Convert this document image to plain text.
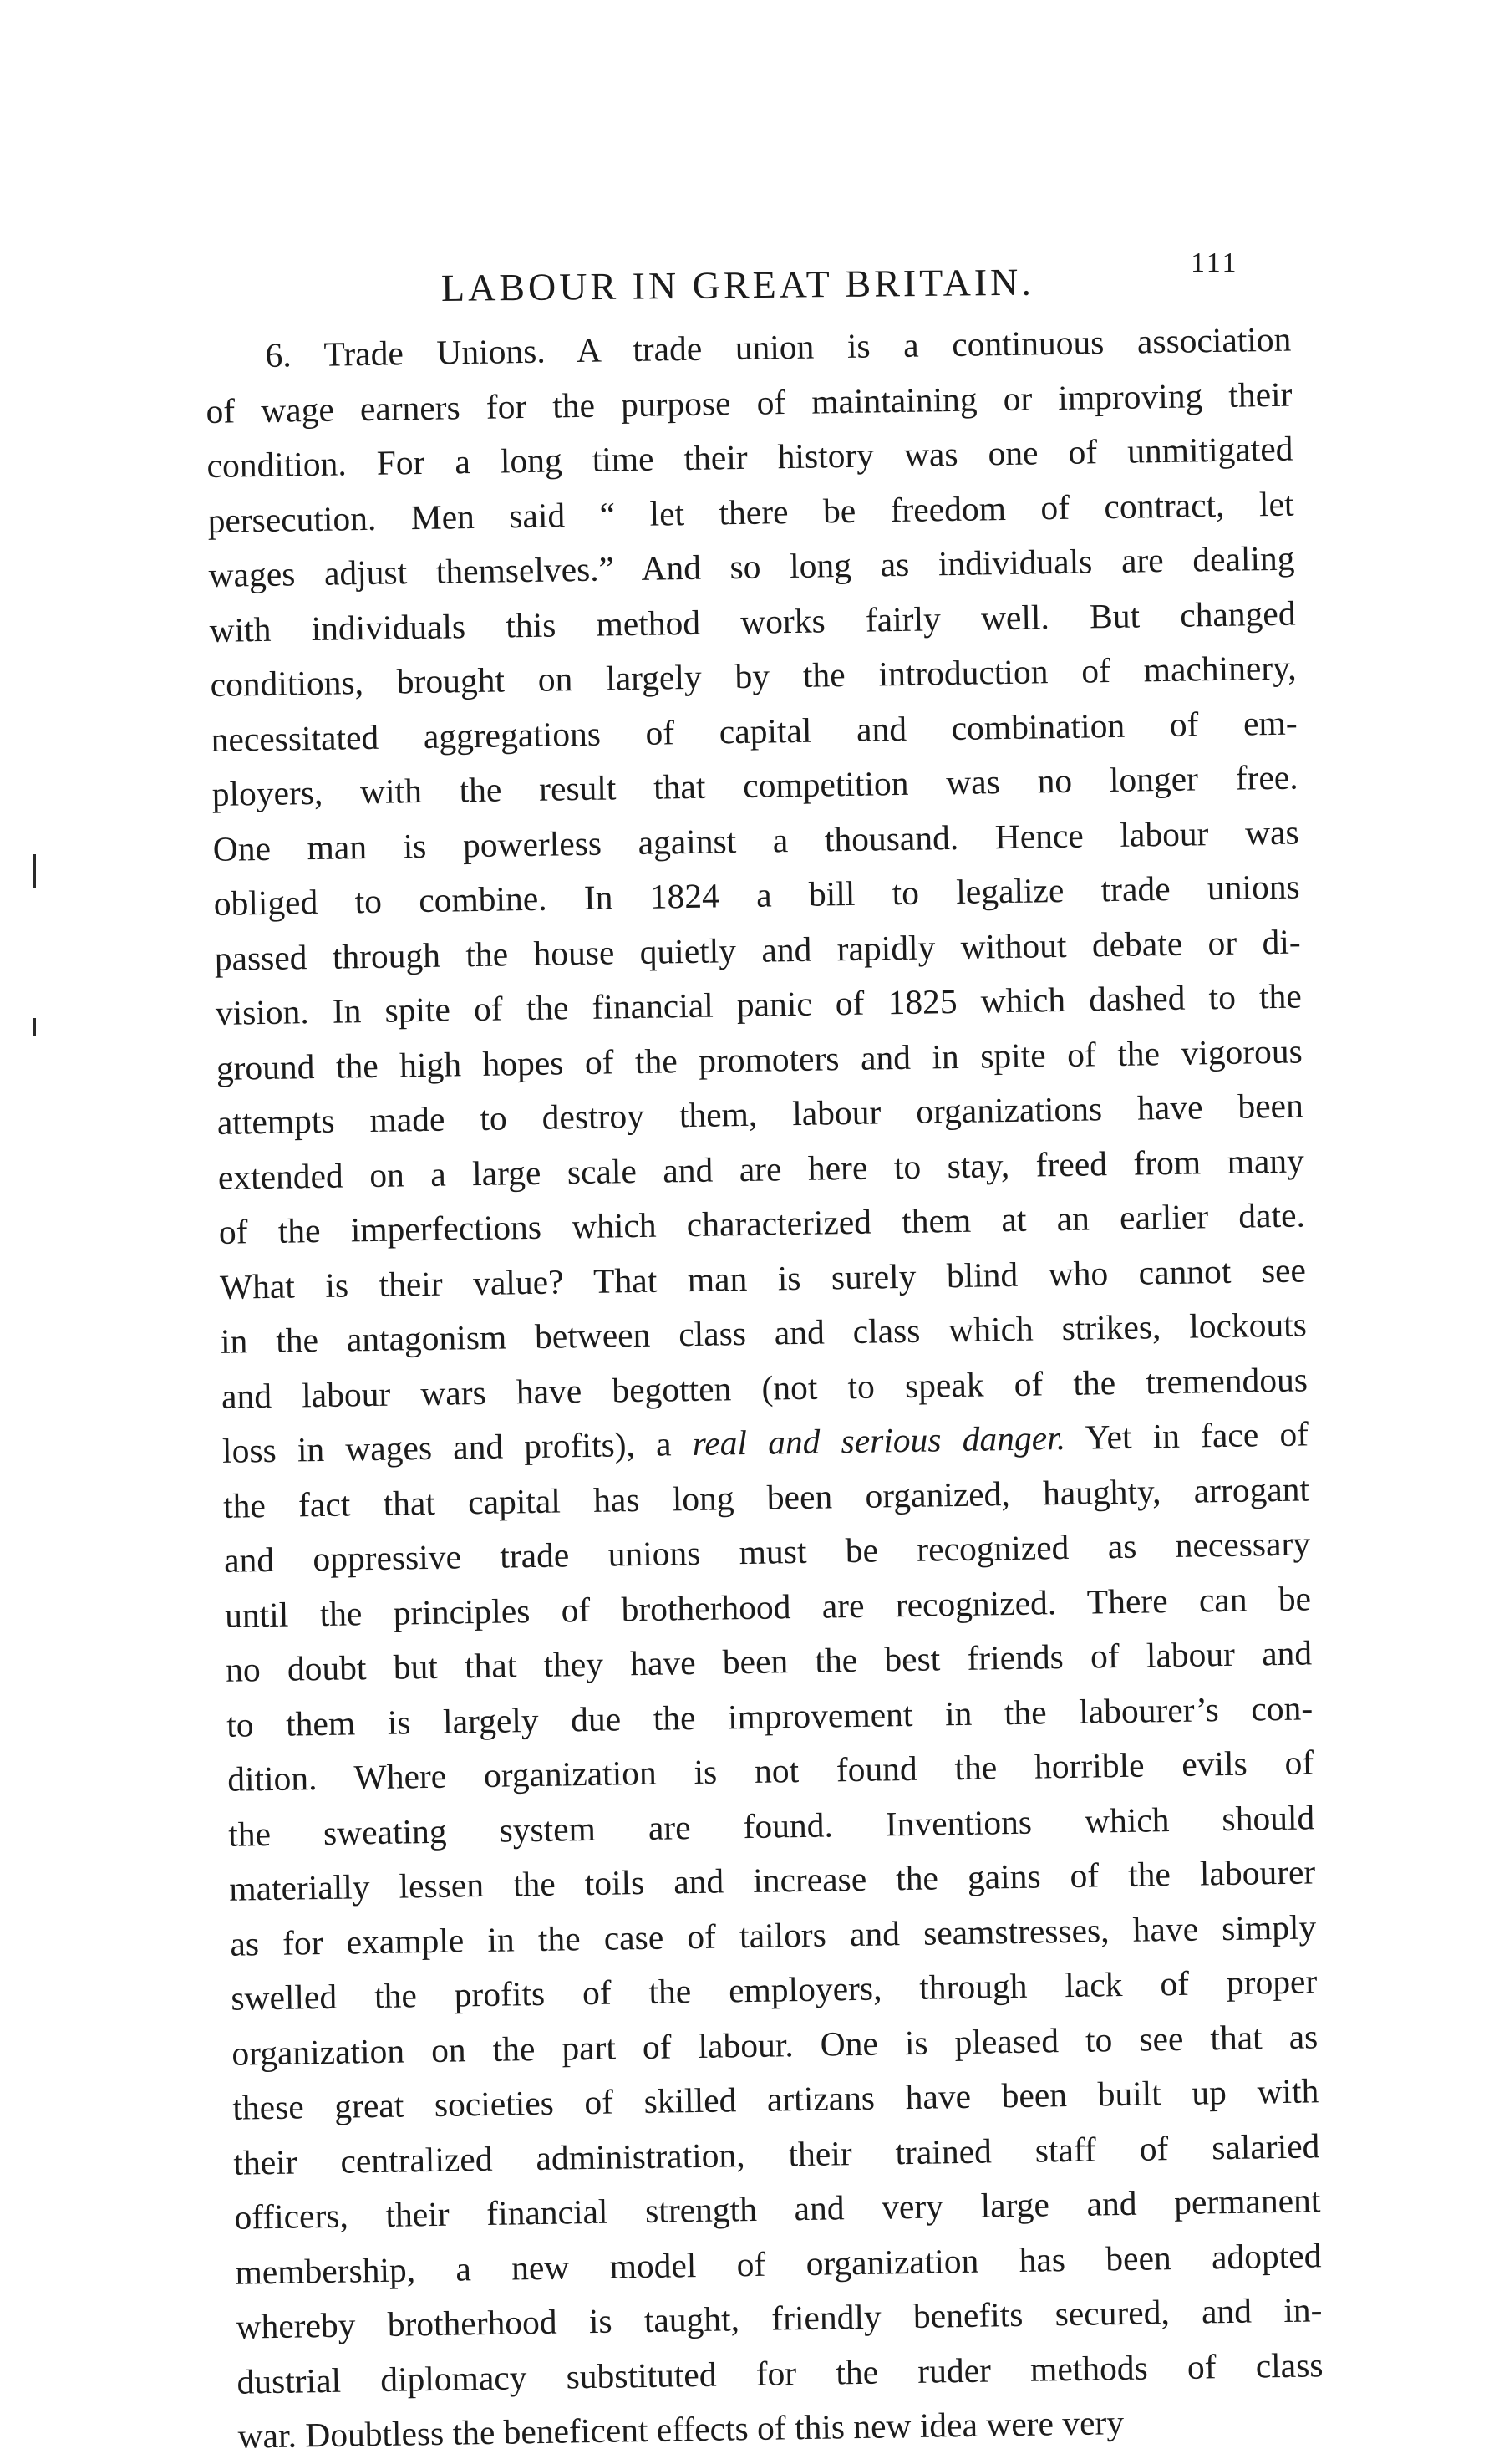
LABOUR IN GREAT BRITAIN.	111
6. Trade Unions. A trade union is a continuous association
of wage earners for the purpose of maintaining or improving their
condition. For a long time their history was one of unmitigated
persecution. Men said “ let there be freedom of contract, let
wages adjust themselves.” And so long as individuals are dealing
with individuals this method works fairly well. But changed
conditions, brought on largely by the introduction of machinery,
necessitated aggregations of capital and combination of em-
ployers, with the result that competition was no longer free.
One man is powerless against a thousand. Hence labour was
obliged to combine. In 1824 a bill to legalize trade unions
passed through the house quietly and rapidly without debate or di-
vision. In spite of the financial panic of 1825 which dashed to the
ground the high hopes of the promoters and in spite of the vigorous
attempts made to destroy them, labour organizations have been
extended on a large scale and are here to stay, freed from many
of the imperfections which characterized them at an earlier date.
What is their value? That man is surely blind who cannot see
in the antagonism between class and class which strikes, lockouts
and labour wars have begotten (not to speak of the tremendous
loss in wages and profits), a real and serious danger. Yet in face of
the fact that capital has long been organized, haughty, arrogant
and oppressive trade unions must be recognized as necessary
until the principles of brotherhood are recognized. There can be
no doubt but that they have been the best friends of labour and
to them is largely due the improvement in the labourer’s con-
dition. Where organization is not found the horrible evils of
the sweating system are found. Inventions which should
materially lessen the toils and increase the gains of the labourer
as for example in the case of tailors and seamstresses, have simply
swelled the profits of the employers, through lack of proper
organization on the part of labour. One is pleased to see that as
these great societies of skilled artizans have been built up with
their centralized administration, their trained staff of salaried
officers, their financial strength and very large and permanent
membership, a new model of organization has been adopted
whereby brotherhood is taught, friendly benefits secured, and in-
dustrial diplomacy substituted for the ruder methods of class
war. Doubtless the beneficent effects of this new idea were very
